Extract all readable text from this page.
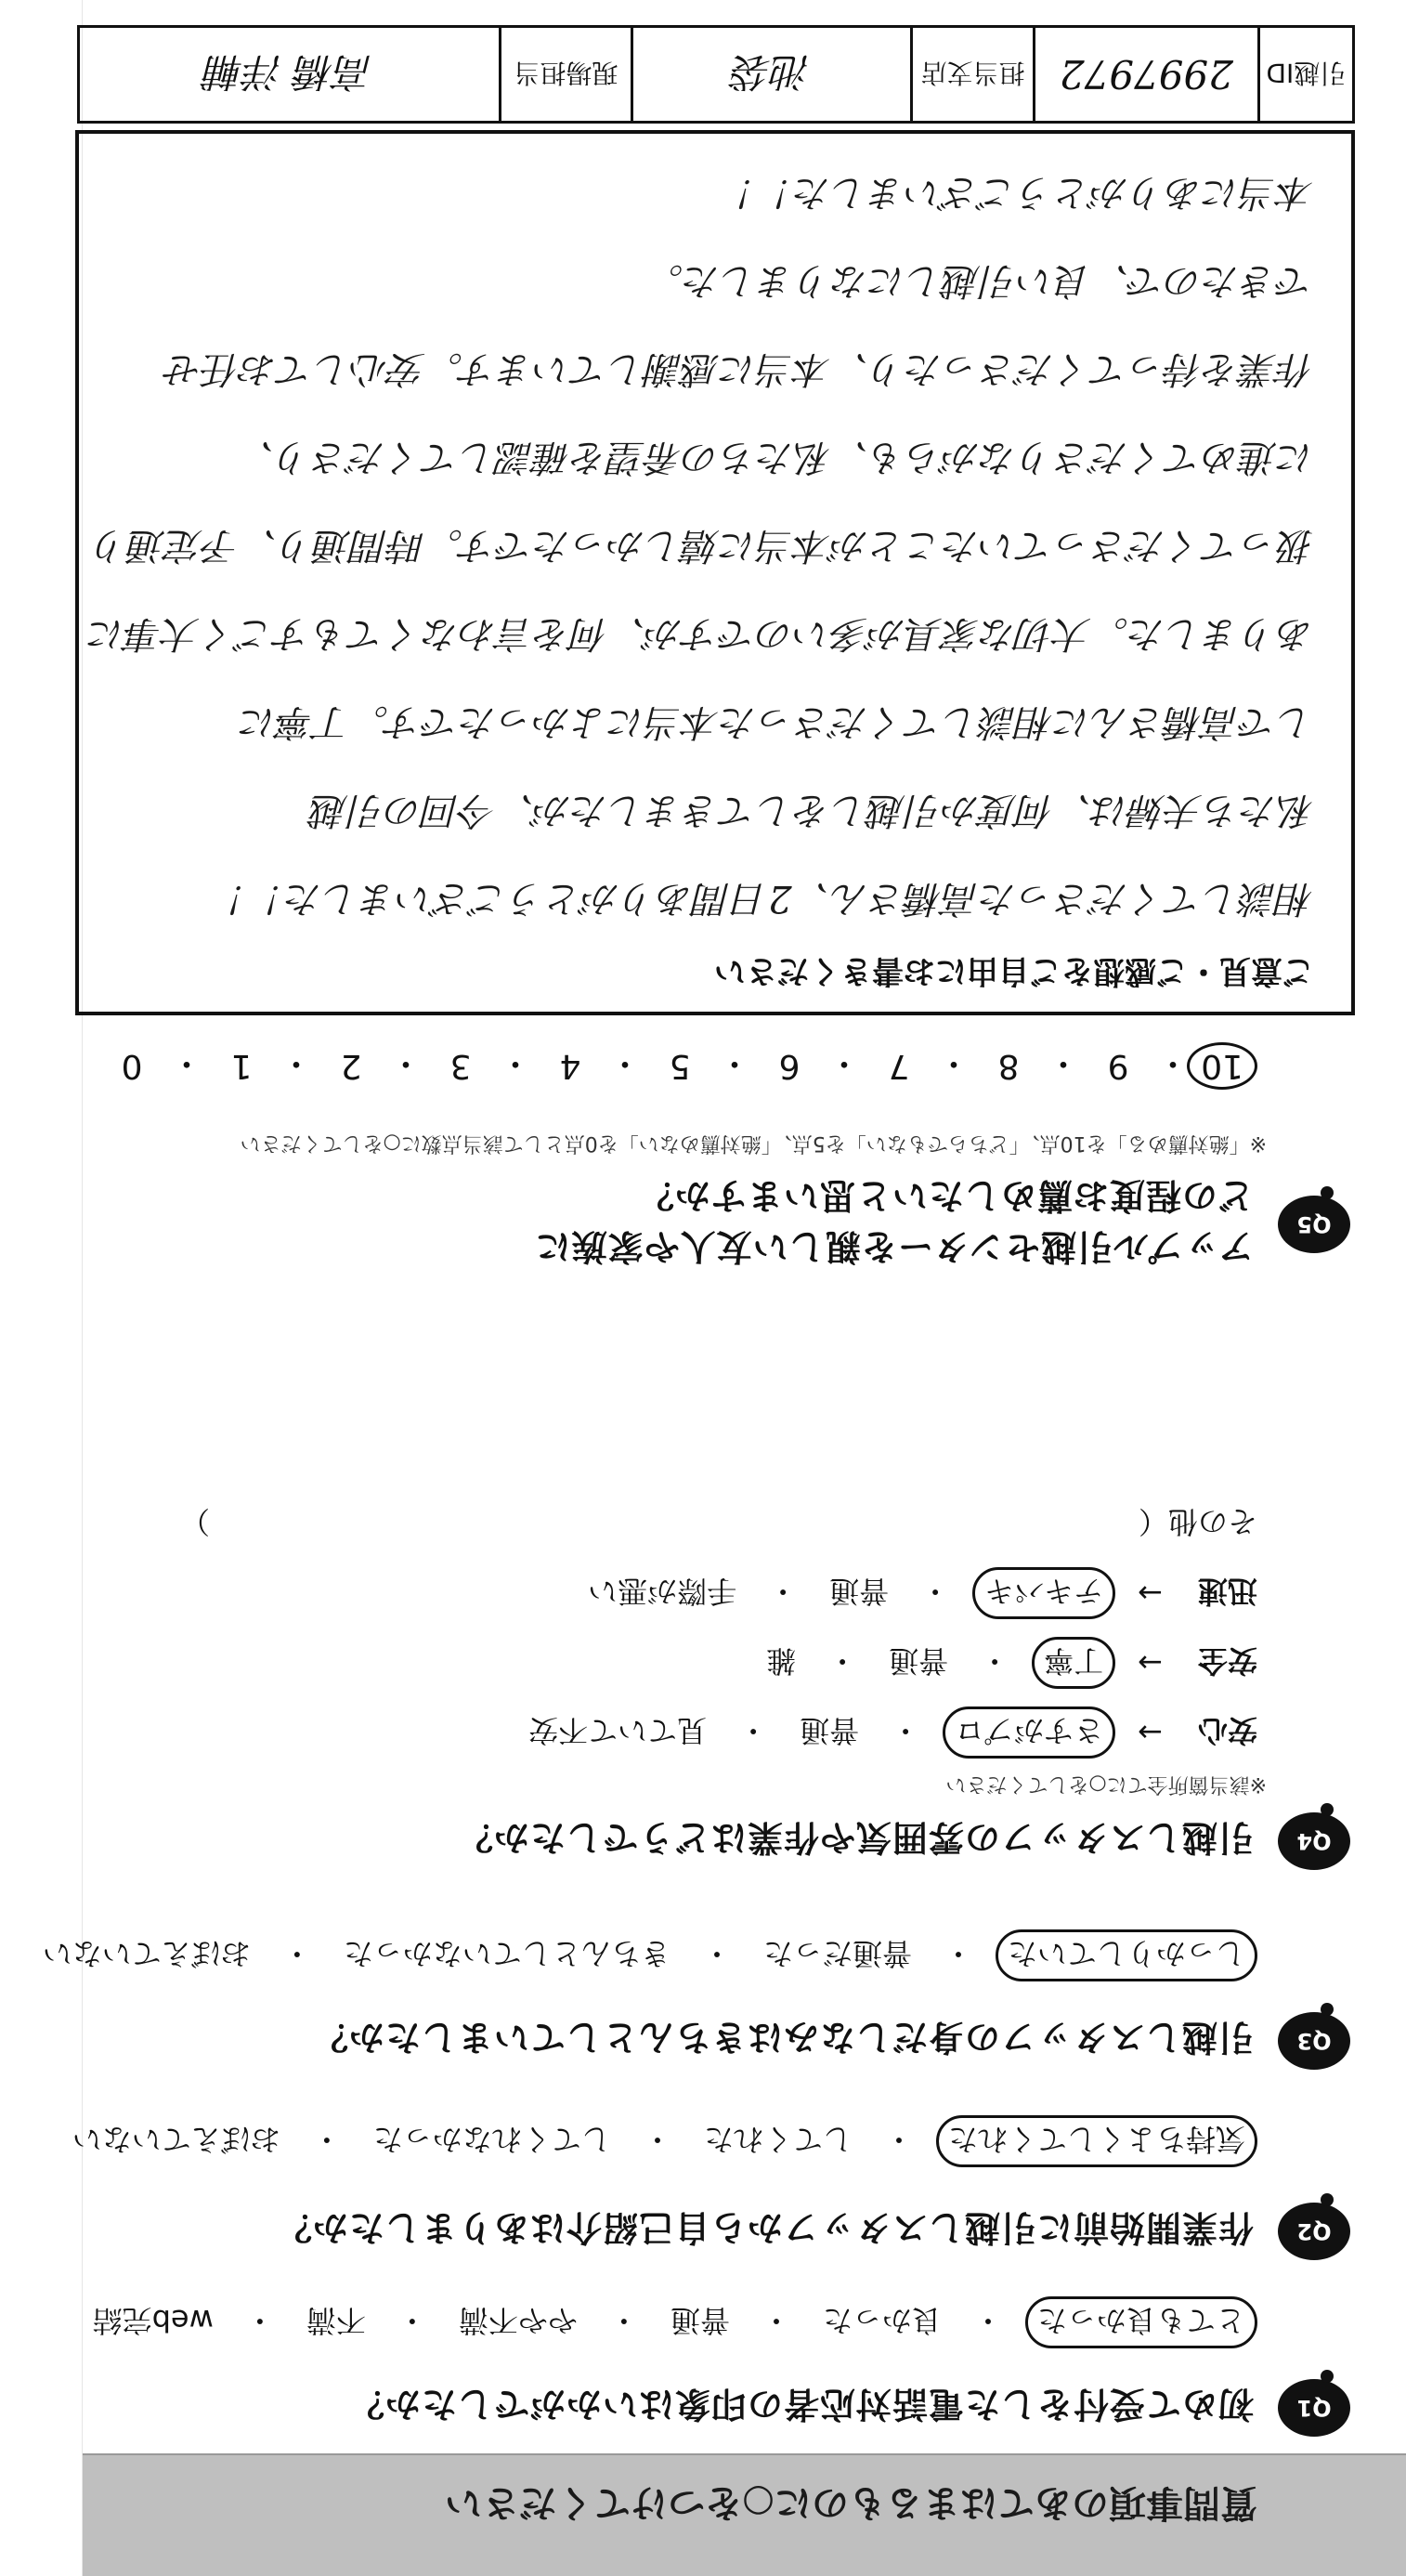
質問事項のあてはまるものに○をつけてください
Q1
初めて受付をした電話対応者の印象はいかがでしたか？
とても良かった
・
良かった
・
普通
・
やや不満
・
不満
・
web完結
Q2
作業開始前に引越しスタッフから自己紹介はありましたか？
気持ちよくしてくれた
・
してくれた
・
してくれなかった
・
おぼえていない
Q3
引越しスタッフの身だしなみはきちんとしていましたか？
しっかりしていた
・
普通だった
・
きちんとしていなかった
・
おぼえていない
Q4
引越しスタッフの雰囲気や作業はどうでしたか？
※該当箇所全てに○をしてください
安心
→
さすがプロ
・
普通
・
見ていて不安
安全
→
丁寧
・
普通
・
雑
迅速
→
テキパキ
・
普通
・
手際が悪い
その他（
）
Q5
アップル引越センターを親しい友人や家族に
どの程度お薦めしたいと思いますか？
※「絶対薦める」を10点、「どちらでもない」を5点、「絶対薦めない」を0点として該当点数に○をしてください
10
・
9
・
8
・
7
・
6
・
5
・
4
・
3
・
2
・
1
・
0
ご意見・ご感想をご自由にお書きください
相談してくださった高橋さん、2日間ありがとうございました！！
私たち夫婦は、何度か引越しをしてきましたが、今回の引越
しで高橋さんに相談してくださった本当によかったです。丁寧に
ありました。大切な家具が多いのですが、何を言わなくてもすごく大事に
扱ってくださっていたことが本当に嬉しかったです。時間通り、予定通り
に進めてくださりながらも、私たちの希望を確認してくださり、
作業を待ってくださったり、本当に感謝しています。安心してお任せ
できたので、良い引越しになりました。
本当にありがとうございました！！
引越ID
2997972
担当支店
池袋
現場担当
高橋 洋輔
